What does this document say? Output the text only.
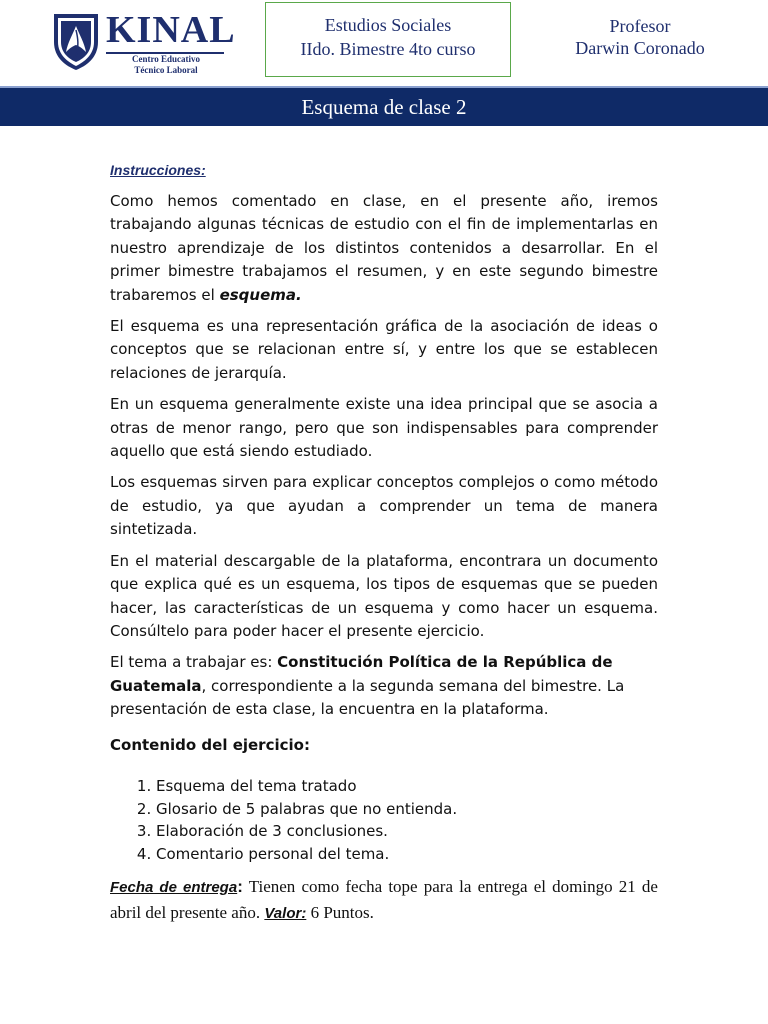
KINAL
Centro Educativo
Técnico Laboral
Estudios Sociales
IIdo. Bimestre 4to curso
Profesor
Darwin Coronado
Esquema de clase 2
Instrucciones:

Como hemos comentado en clase, en el presente año, iremos trabajando algunas técnicas de estudio con el fin de implementarlas en nuestro aprendizaje de los distintos contenidos a desarrollar. En el primer bimestre trabajamos el resumen, y en este segundo bimestre trabaremos el esquema.

El esquema es una representación gráfica de la asociación de ideas o conceptos que se relacionan entre sí, y entre los que se establecen relaciones de jerarquía.

En un esquema generalmente existe una idea principal que se asocia a otras de menor rango, pero que son indispensables para comprender aquello que está siendo estudiado.

Los esquemas sirven para explicar conceptos complejos o como método de estudio, ya que ayudan a comprender un tema de manera sintetizada.

En el material descargable de la plataforma, encontrara un documento que explica qué es un esquema, los tipos de esquemas que se pueden hacer, las características de un esquema y como hacer un esquema. Consúltelo para poder hacer el presente ejercicio.

El tema a trabajar es: Constitución Política de la República de Guatemala, correspondiente a la segunda semana del bimestre. La presentación de esta clase, la encuentra en la plataforma.

Contenido del ejercicio:

1. Esquema del tema tratado
2. Glosario de 5 palabras que no entienda.
3. Elaboración de 3 conclusiones.
4. Comentario personal del tema.
Fecha de entrega: Tienen como fecha tope para la entrega el domingo 21 de abril del presente año. Valor: 6 Puntos.
